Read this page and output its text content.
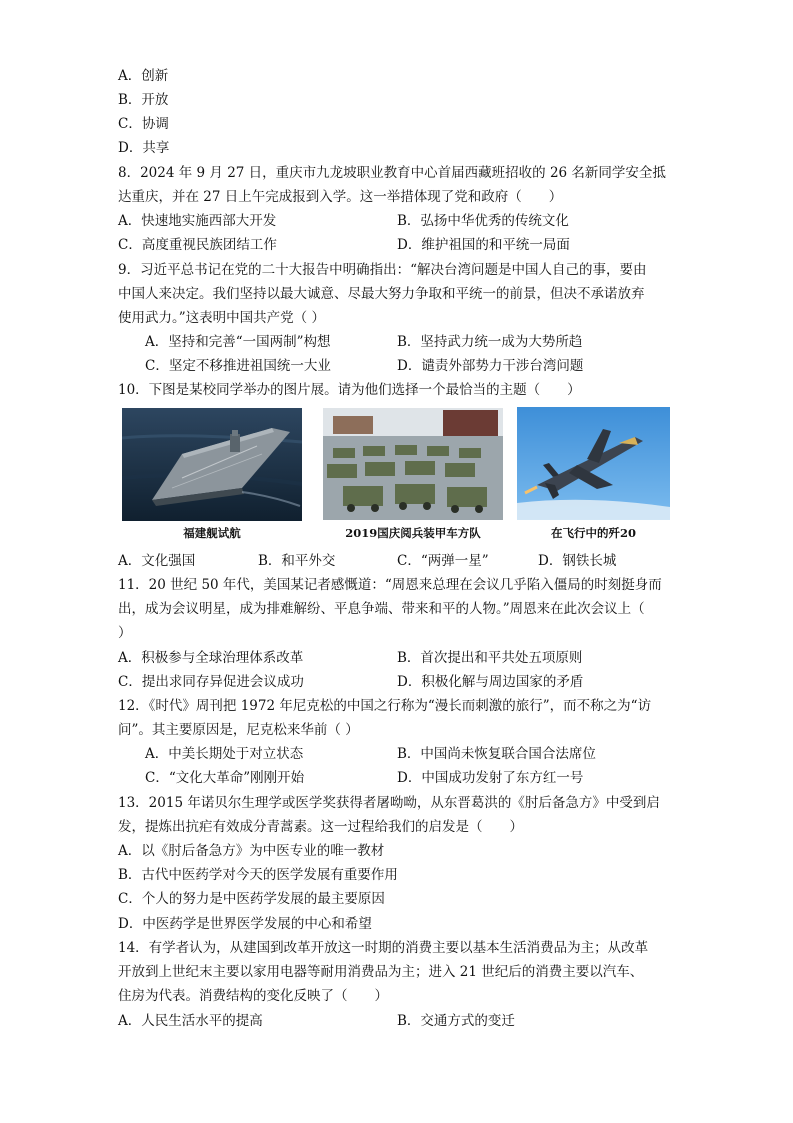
A．创新
B．开放
C．协调
D．共享
8．2024 年 9 月 27 日，重庆市九龙坡职业教育中心首届西藏班招收的 26 名新同学安全抵
达重庆，并在 27 日上午完成报到入学。这一举措体现了党和政府（　　）
A．快速地实施西部大开发	B．弘扬中华优秀的传统文化
C．高度重视民族团结工作	D．维护祖国的和平统一局面
9．习近平总书记在党的二十大报告中明确指出：“解决台湾问题是中国人自己的事，要由
中国人来决定。我们坚持以最大诚意、尽最大努力争取和平统一的前景，但决不承诺放弃
使用武力。”这表明中国共产党（ ）
A．坚持和完善“一国两制”构想	B．坚持武力统一成为大势所趋
C．坚定不移推进祖国统一大业	D．谴责外部势力干涉台湾问题
10．下图是某校同学举办的图片展。请为他们选择一个最恰当的主题（　　）
福建舰试航	2019国庆阅兵装甲车方队	在飞行中的歼20
A．文化强国	B．和平外交	C．“两弹一星”	D．钢铁长城
11．20 世纪 50 年代，美国某记者感慨道：“周恩来总理在会议几乎陷入僵局的时刻挺身而
出，成为会议明星，成为排难解纷、平息争端、带来和平的人物。”周恩来在此次会议上（
）
A．积极参与全球治理体系改革	B．首次提出和平共处五项原则
C．提出求同存异促进会议成功	D．积极化解与周边国家的矛盾
12．《时代》周刊把 1972 年尼克松的中国之行称为“漫长而刺激的旅行”，而不称之为“访
问”。其主要原因是，尼克松来华前（ ）
A．中美长期处于对立状态	B．中国尚未恢复联合国合法席位
C．“文化大革命”刚刚开始	D．中国成功发射了东方红一号
13．2015 年诺贝尔生理学或医学奖获得者屠呦呦，从东晋葛洪的《肘后备急方》中受到启
发，提炼出抗疟有效成分青蒿素。这一过程给我们的启发是（　　）
A．以《肘后备急方》为中医专业的唯一教材
B．古代中医药学对今天的医学发展有重要作用
C．个人的努力是中医药学发展的最主要原因
D．中医药学是世界医学发展的中心和希望
14．有学者认为，从建国到改革开放这一时期的消费主要以基本生活消费品为主；从改革
开放到上世纪末主要以家用电器等耐用消费品为主；进入 21 世纪后的消费主要以汽车、
住房为代表。消费结构的变化反映了（　　）
A．人民生活水平的提高	B．交通方式的变迁
